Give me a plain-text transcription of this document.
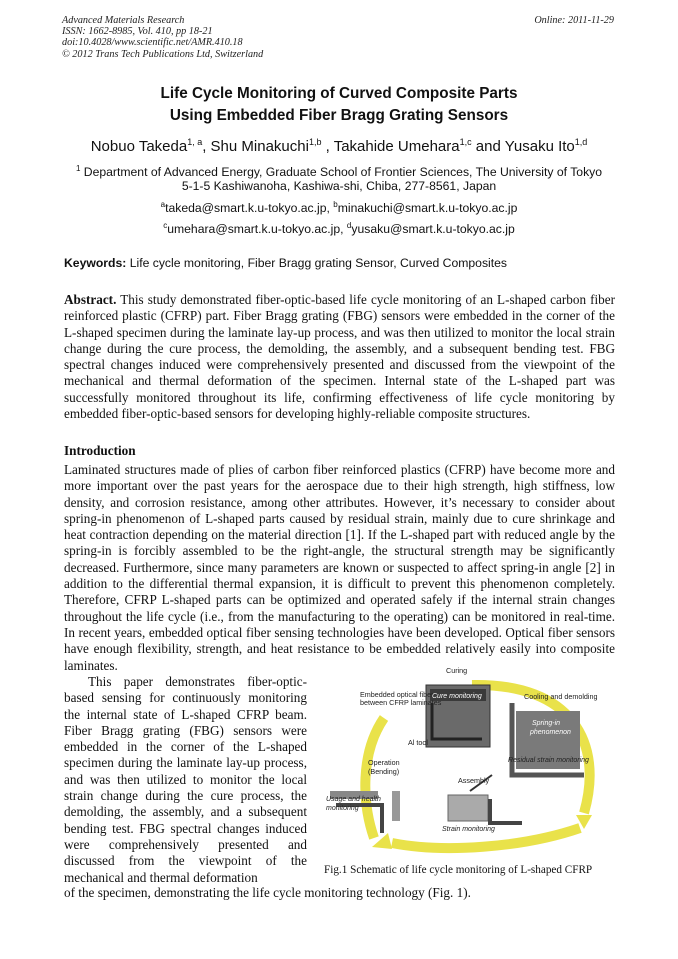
Advanced Materials Research
ISSN: 1662-8985, Vol. 410, pp 18-21
doi:10.4028/www.scientific.net/AMR.410.18
© 2012 Trans Tech Publications Ltd, Switzerland
Online: 2011-11-29
Life Cycle Monitoring of Curved Composite Parts
Using Embedded Fiber Bragg Grating Sensors
Nobuo Takeda$^{1, a}$, Shu Minakuchi$^{1,b}$ , Takahide Umehara$^{1,c}$ and Yusaku Ito$^{1,d}$
$^1$ Department of Advanced Energy, Graduate School of Frontier Sciences, The University of Tokyo
5-1-5 Kashiwanoha, Kashiwa-shi, Chiba, 277-8561, Japan
$^a$takeda@smart.k.u-tokyo.ac.jp, $^b$minakuchi@smart.k.u-tokyo.ac.jp
$^c$umehara@smart.k.u-tokyo.ac.jp, $^d$yusaku@smart.k.u-tokyo.ac.jp
Keywords: Life cycle monitoring, Fiber Bragg grating Sensor, Curved Composites
Abstract. This study demonstrated fiber-optic-based life cycle monitoring of an L-shaped carbon fiber reinforced plastic (CFRP) part. Fiber Bragg grating (FBG) sensors were embedded in the corner of the L-shaped specimen during the laminate lay-up process, and was then utilized to monitor the local strain change during the cure process, the demolding, the assembly, and a subsequent bending test. FBG spectral changes induced were comprehensively presented and discussed from the viewpoint of the mechanical and thermal deformation of the specimen. Internal state of the L-shaped part was successfully monitored throughout its life, confirming effectiveness of life cycle monitoring by embedded fiber-optic-based sensors for developing highly-reliable composite structures.
Introduction
Laminated structures made of plies of carbon fiber reinforced plastics (CFRP) have become more and more important over the past years for the aerospace due to their high strength, high stiffness, low density, and corrosion resistance, among other attributes. However, it’s necessary to consider about spring-in phenomenon of L-shaped parts caused by residual strain, mainly due to cure shrinkage and heat contraction depending on the material direction [1]. If the L-shaped part with reduced angle by the spring-in is forcibly assembled to be the right-angle, the structural strength may be significantly decreased. Furthermore, since many parameters are known or suspected to affect spring-in angle [2] in addition to the differential thermal expansion, it is difficult to prevent this phenomenon completely. Therefore, CFRP L-shaped parts can be optimized and operated safely if the internal strain changes throughout the life cycle (i.e., from the manufacturing to the operating) can be monitored in real-time. In recent years, embedded optical fiber sensing technologies have been developed. Optical fiber sensors have enough flexibility, strength, and heat resistance to be embedded relatively easily into composite laminates.
This paper demonstrates fiber-optic-based sensing for continuously monitoring the internal state of L-shaped CFRP beam. Fiber Bragg grating (FBG) sensors were embedded in the corner of the L-shaped specimen during the laminate lay-up process, and was then utilized to monitor the local strain change during the cure process, the demolding, the assembly, and a subsequent bending test. FBG spectral changes induced were comprehensively presented and discussed from the viewpoint of the mechanical and thermal deformation
of the specimen, demonstrating the life cycle monitoring technology (Fig. 1).
Curing
Cooling and demolding
Embedded optical fiber
between CFRP laminates
Cure monitoring
Spring-in
phenomenon
Al tool
Residual strain monitoring
Operation
(Bending)
Assembly
Usage and health
monitoring
Strain monitoring
Fig.1 Schematic of life cycle monitoring of L-shaped CFRP
